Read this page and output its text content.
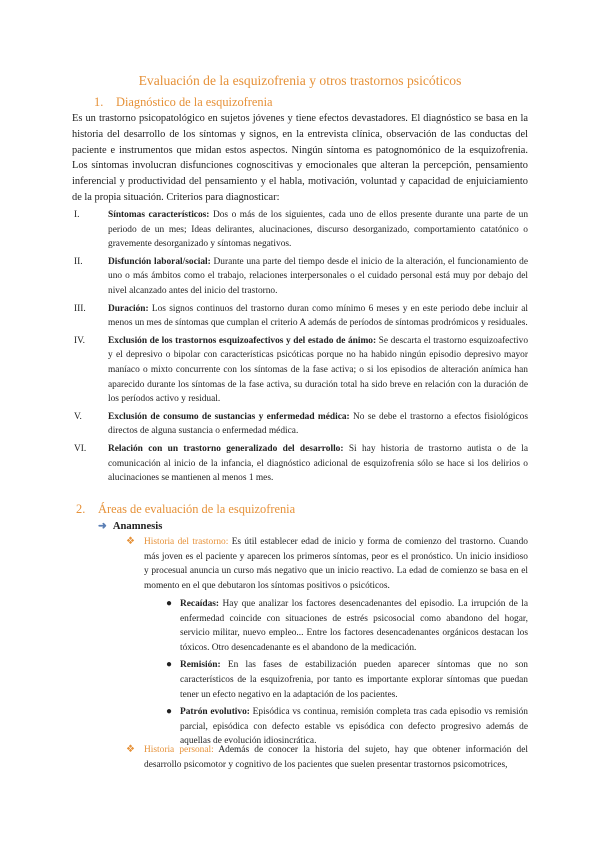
Evaluación de la esquizofrenia y otros trastornos psicóticos
1. Diagnóstico de la esquizofrenia

Es un trastorno psicopatológico en sujetos jóvenes y tiene efectos devastadores. El diagnóstico se basa en la historia del desarrollo de los síntomas y signos, en la entrevista clínica, observación de las conductas del paciente e instrumentos que midan estos aspectos. Ningún síntoma es patognomónico de la esquizofrenia. Los síntomas involucran disfunciones cognoscitivas y emocionales que alteran la percepción, pensamiento inferencial y productividad del pensamiento y el habla, motivación, voluntad y capacidad de enjuiciamiento de la propia situación. Criterios para diagnosticar:

I.	Síntomas característicos: Dos o más de los siguientes, cada uno de ellos presente durante una parte de un periodo de un mes; Ideas delirantes, alucinaciones, discurso desorganizado, comportamiento catatónico o gravemente desorganizado y síntomas negativos.
II.	Disfunción laboral/social: Durante una parte del tiempo desde el inicio de la alteración, el funcionamiento de uno o más ámbitos como el trabajo, relaciones interpersonales o el cuidado personal está muy por debajo del nivel alcanzado antes del inicio del trastorno.
III.	Duración: Los signos continuos del trastorno duran como mínimo 6 meses y en este periodo debe incluir al menos un mes de síntomas que cumplan el criterio A además de períodos de síntomas prodrómicos y residuales.
IV.	Exclusión de los trastornos esquizoafectivos y del estado de ánimo: Se descarta el trastorno esquizoafectivo y el depresivo o bipolar con características psicóticas porque no ha habido ningún episodio depresivo mayor maníaco o mixto concurrente con los síntomas de la fase activa; o si los episodios de alteración anímica han aparecido durante los síntomas de la fase activa, su duración total ha sido breve en relación con la duración de los períodos activo y residual.
V.	Exclusión de consumo de sustancias y enfermedad médica: No se debe el trastorno a efectos fisiológicos directos de alguna sustancia o enfermedad médica.
VI.	Relación con un trastorno generalizado del desarrollo: Si hay historia de trastorno autista o de la comunicación al inicio de la infancia, el diagnóstico adicional de esquizofrenia sólo se hace si los delirios o alucinaciones se mantienen al menos 1 mes.
2. Áreas de evaluación de la esquizofrenia
➜ Anamnesis
❖ Historia del trastorno: Es útil establecer edad de inicio y forma de comienzo del trastorno. Cuando más joven es el paciente y aparecen los primeros síntomas, peor es el pronóstico. Un inicio insidioso y procesual anuncia un curso más negativo que un inicio reactivo. La edad de comienzo se basa en el momento en el que debutaron los síntomas positivos o psicóticos.
● Recaídas: Hay que analizar los factores desencadenantes del episodio. La irrupción de la enfermedad coincide con situaciones de estrés psicosocial como abandono del hogar, servicio militar, nuevo empleo... Entre los factores desencadenantes orgánicos destacan los tóxicos. Otro desencadenante es el abandono de la medicación.
● Remisión: En las fases de estabilización pueden aparecer síntomas que no son característicos de la esquizofrenia, por tanto es importante explorar síntomas que puedan tener un efecto negativo en la adaptación de los pacientes.
● Patrón evolutivo: Episódica vs continua, remisión completa tras cada episodio vs remisión parcial, episódica con defecto estable vs episódica con defecto progresivo además de aquellas de evolución idiosincrática.
❖ Historia personal: Además de conocer la historia del sujeto, hay que obtener información del desarrollo psicomotor y cognitivo de los pacientes que suelen presentar trastornos psicomotrices,
